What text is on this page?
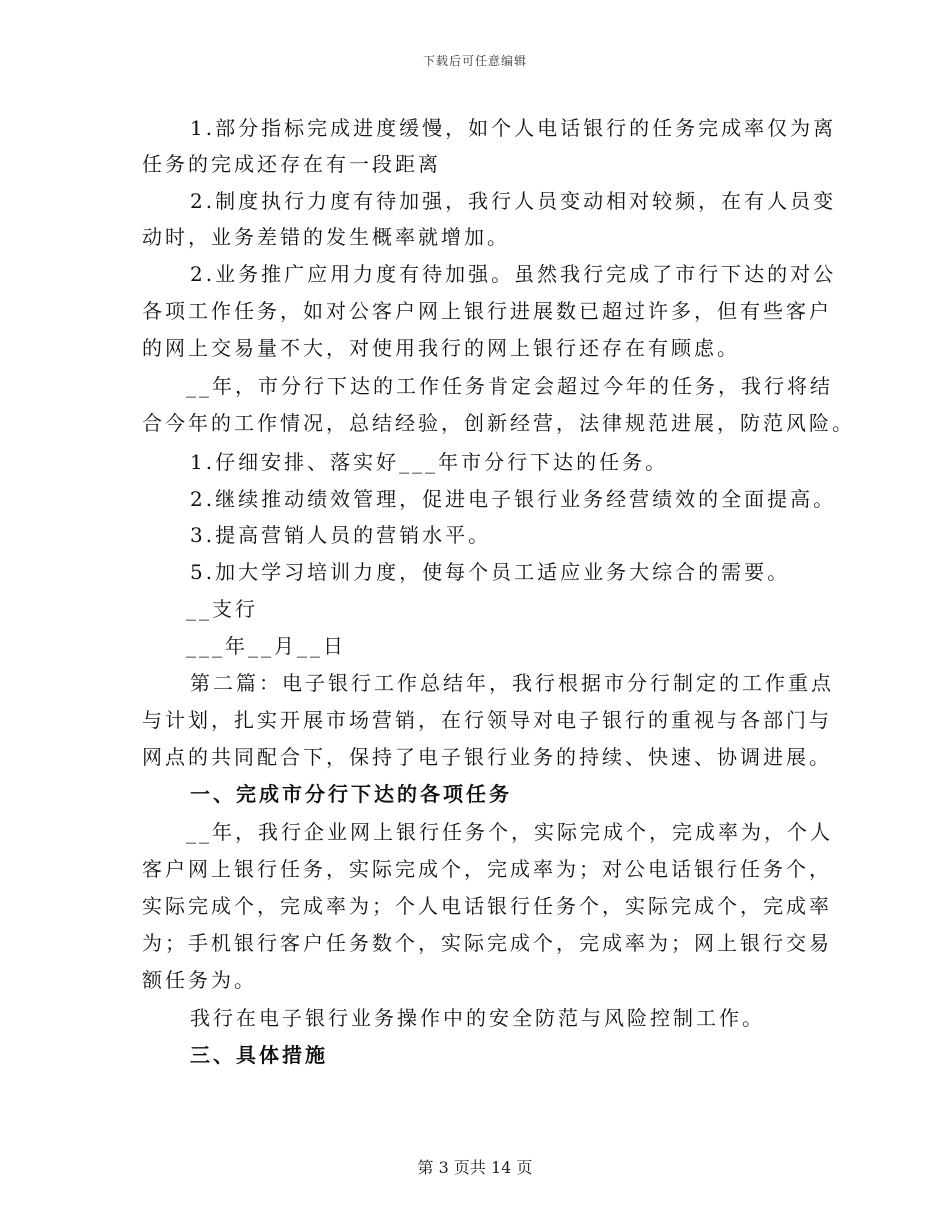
下载后可任意编辑
1.部分指标完成进度缓慢，如个人电话银行的任务完成率仅为离
任务的完成还存在有一段距离
2.制度执行力度有待加强，我行人员变动相对较频，在有人员变
动时，业务差错的发生概率就增加。
2.业务推广应用力度有待加强。虽然我行完成了市行下达的对公
各项工作任务，如对公客户网上银行进展数已超过许多，但有些客户
的网上交易量不大，对使用我行的网上银行还存在有顾虑。
__年，市分行下达的工作任务肯定会超过今年的任务，我行将结
合今年的工作情况，总结经验，创新经营，法律规范进展，防范风险。
1.仔细安排、落实好___年市分行下达的任务。
2.继续推动绩效管理，促进电子银行业务经营绩效的全面提高。
3.提高营销人员的营销水平。
5.加大学习培训力度，使每个员工适应业务大综合的需要。
__支行
___年__月__日
第二篇：电子银行工作总结年，我行根据市分行制定的工作重点
与计划，扎实开展市场营销，在行领导对电子银行的重视与各部门与
网点的共同配合下，保持了电子银行业务的持续、快速、协调进展。
一、完成市分行下达的各项任务
__年，我行企业网上银行任务个，实际完成个，完成率为，个人
客户网上银行任务，实际完成个，完成率为；对公电话银行任务个，
实际完成个，完成率为；个人电话银行任务个，实际完成个，完成率
为；手机银行客户任务数个，实际完成个，完成率为；网上银行交易
额任务为。
我行在电子银行业务操作中的安全防范与风险控制工作。
三、具体措施
第 3 页共 14 页
